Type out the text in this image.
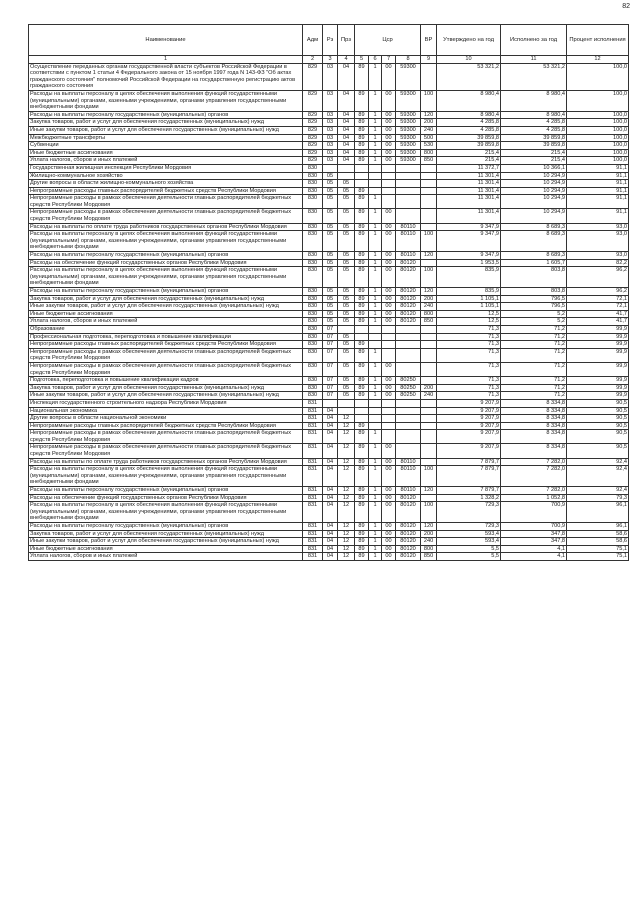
82
Наименование	Адм	Рз	Прз	Цср				ВР	Утверждено на год	Исполнено за год	Процент исполнения
1	2	3	4	5	6	7	8	9	10	11	12
Осуществление переданных органам государственной власти субъектов Российской Федерации в соответствии с пунктом 1 статьи 4 Федерального закона от 15 ноября 1997 года N 143-ФЗ "Об актах гражданского состояния" полномочий Российской Федерации на государственную регистрацию актов гражданского состояния	829	03	04	89	1	00	59300		53 321,2	53 321,2	100,0
Расходы на выплаты персоналу в целях обеспечения выполнения функций государственными (муниципальными) органами, казенными учреждениями, органами управления государственными внебюджетными фондами	829	03	04	89	1	00	59300	100	8 980,4	8 980,4	100,0
Расходы на выплаты персоналу государственных (муниципальных) органов	829	03	04	89	1	00	59300	120	8 980,4	8 980,4	100,0
Закупка товаров, работ и услуг для обеспечения государственных (муниципальных) нужд	829	03	04	89	1	00	59300	200	4 285,8	4 285,8	100,0
Иные закупки товаров, работ и услуг для обеспечения государственных (муниципальных) нужд	829	03	04	89	1	00	59300	240	4 285,8	4 285,8	100,0
Межбюджетные трансферты	829	03	04	89	1	00	59300	500	39 859,8	39 859,8	100,0
Субвенции	829	03	04	89	1	00	59300	530	39 859,8	39 859,8	100,0
Иные бюджетные ассигнования	829	03	04	89	1	00	59300	800	215,4	215,4	100,0
Уплата налогов, сборов и иных платежей	829	03	04	89	1	00	59300	850	215,4	215,4	100,0
Государственная жилищная инспекция Республики Мордовия	830								11 372,7	10 366,1	91,1
Жилищно-коммунальное хозяйство	830	05							11 301,4	10 294,9	91,1
Другие вопросы в области жилищно-коммунального хозяйства	830	05	05						11 301,4	10 294,9	91,1
Непрограммные расходы главных распорядителей бюджетных средств Республики Мордовия	830	05	05	89					11 301,4	10 294,9	91,1
Непрограммные расходы в рамках обеспечения деятельности главных распорядителей бюджетных средств Республики Мордовия	830	05	05	89	1				11 301,4	10 294,9	91,1
Непрограммные расходы в рамках обеспечения деятельности главных распорядителей бюджетных средств Республики Мордовия	830	05	05	89	1	00			11 301,4	10 294,9	91,1
Расходы на выплаты по оплате труда работников государственных органов Республики Мордовия	830	05	05	89	1	00	80110		9 347,9	8 689,3	93,0
Расходы на выплаты персоналу в целях обеспечения выполнения функций государственными (муниципальными) органами, казенными учреждениями, органами управления государственными внебюджетными фондами	830	05	05	89	1	00	80110	100	9 347,9	8 689,3	93,0
Расходы на выплаты персоналу государственных (муниципальных) органов	830	05	05	89	1	00	80110	120	9 347,9	8 689,3	93,0
Расходы на обеспечение функций государственных органов Республики Мордовия	830	05	05	89	1	00	80120		1 953,5	1 605,7	82,2
Расходы на выплаты персоналу в целях обеспечения выполнения функций государственными (муниципальными) органами, казенными учреждениями, органами управления государственными внебюджетными фондами	830	05	05	89	1	00	80120	100	835,9	803,8	96,2
Расходы на выплаты персоналу государственных (муниципальных) органов	830	05	05	89	1	00	80120	120	835,9	803,8	96,2
Закупка товаров, работ и услуг для обеспечения государственных (муниципальных) нужд	830	05	05	89	1	00	80120	200	1 105,1	796,5	72,1
Иные закупки товаров, работ и услуг для обеспечения государственных (муниципальных) нужд	830	05	05	89	1	00	80120	240	1 105,1	796,5	72,1
Иные бюджетные ассигнования	830	05	05	89	1	00	80120	800	12,5	5,2	41,7
Уплата налогов, сборов и иных платежей	830	05	05	89	1	00	80120	850	12,5	5,2	41,7
Образование	830	07							71,3	71,2	99,9
Профессиональная подготовка, переподготовка и повышение квалификации	830	07	05						71,3	71,2	99,9
Непрограммные расходы главных распорядителей бюджетных средств Республики Мордовия	830	07	05	89					71,3	71,2	99,9
Непрограммные расходы в рамках обеспечения деятельности главных распорядителей бюджетных средств Республики Мордовия	830	07	05	89	1				71,3	71,2	99,9
Непрограммные расходы в рамках обеспечения деятельности главных распорядителей бюджетных средств Республики Мордовия	830	07	05	89	1	00			71,3	71,2	99,9
Подготовка, переподготовка и повышение квалификации кадров	830	07	05	89	1	00	80250		71,3	71,2	99,9
Закупка товаров, работ и услуг для обеспечения государственных (муниципальных) нужд	830	07	05	89	1	00	80250	200	71,3	71,2	99,9
Иные закупки товаров, работ и услуг для обеспечения государственных (муниципальных) нужд	830	07	05	89	1	00	80250	240	71,3	71,2	99,9
Инспекция государственного строительного надзора Республики Мордовия	831								9 207,9	8 334,8	90,5
Национальная экономика	831	04							9 207,9	8 334,8	90,5
Другие вопросы в области национальной экономики	831	04	12						9 207,9	8 334,8	90,5
Непрограммные расходы главных распорядителей бюджетных средств Республики Мордовия	831	04	12	89					9 207,9	8 334,8	90,5
Непрограммные расходы в рамках обеспечения деятельности главных распорядителей бюджетных средств Республики Мордовия	831	04	12	89	1				9 207,9	8 334,8	90,5
Непрограммные расходы в рамках обеспечения деятельности главных распорядителей бюджетных средств Республики Мордовия	831	04	12	89	1	00			9 207,9	8 334,8	90,5
Расходы на выплаты по оплате труда работников государственных органов Республики Мордовия	831	04	12	89	1	00	80110		7 879,7	7 282,0	92,4
Расходы на выплаты персоналу в целях обеспечения выполнения функций государственными (муниципальными) органами, казенными учреждениями, органами управления государственными внебюджетными фондами	831	04	12	89	1	00	80110	100	7 879,7	7 282,0	92,4
Расходы на выплаты персоналу государственных (муниципальных) органов	831	04	12	89	1	00	80110	120	7 879,7	7 282,0	92,4
Расходы на обеспечение функций государственных органов Республики Мордовия	831	04	12	89	1	00	80120		1 328,2	1 052,8	79,3
Расходы на выплаты персоналу в целях обеспечения выполнения функций государственными (муниципальными) органами, казенными учреждениями, органами управления государственными внебюджетными фондами	831	04	12	89	1	00	80120	100	729,3	700,9	96,1
Расходы на выплаты персоналу государственных (муниципальных) органов	831	04	12	89	1	00	80120	120	729,3	700,9	96,1
Закупка товаров, работ и услуг для обеспечения государственных (муниципальных) нужд	831	04	12	89	1	00	80120	200	593,4	347,8	58,6
Иные закупки товаров, работ и услуг для обеспечения государственных (муниципальных) нужд	831	04	12	89	1	00	80120	240	593,4	347,8	58,6
Иные бюджетные ассигнования	831	04	12	89	1	00	80120	800	5,5	4,1	75,1
Уплата налогов, сборов и иных платежей	831	04	12	89	1	00	80120	850	5,5	4,1	75,1
